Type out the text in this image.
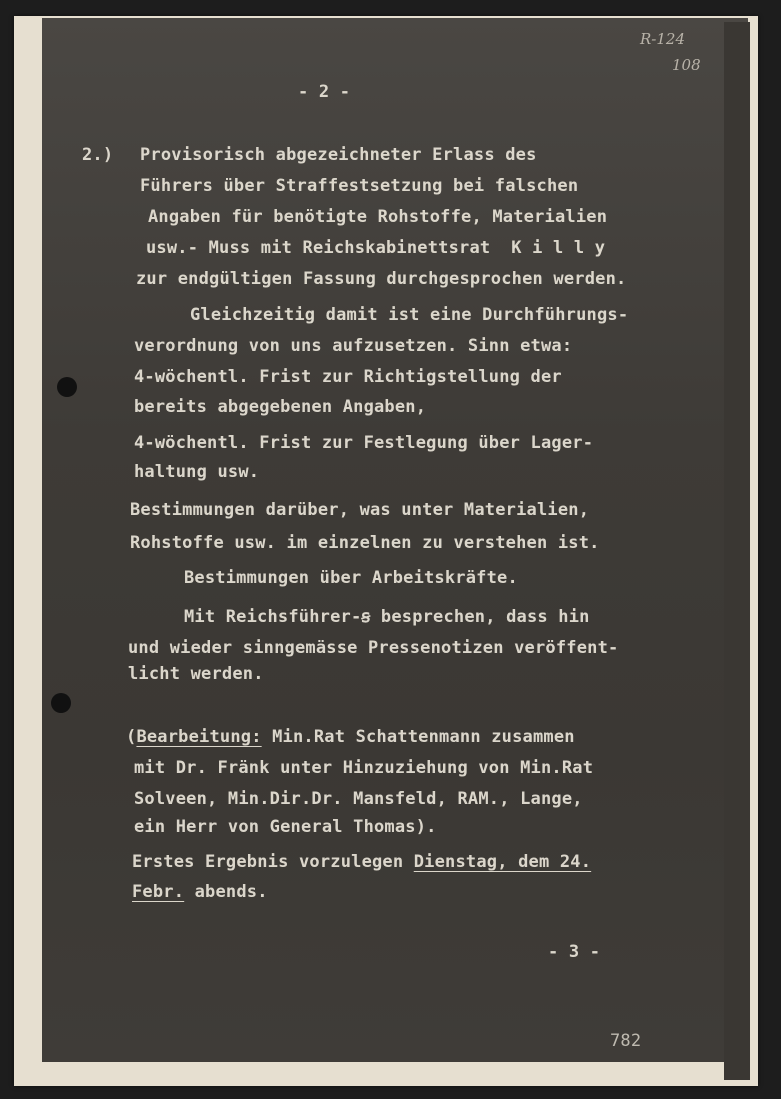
R-124
108
- 2 -
2.) Provisorisch abgezeichneter Erlass des
Führers über Straffestsetzung bei falschen
Angaben für benötigte Rohstoffe, Materialien
usw.- Muss mit Reichskabinettsrat  K i l l y
zur endgültigen Fassung durchgesprochen werden.
Gleichzeitig damit ist eine Durchführungs-
verordnung von uns aufzusetzen. Sinn etwa:
4-wöchentl. Frist zur Richtigstellung der
bereits abgegebenen Angaben,
4-wöchentl. Frist zur Festlegung über Lager-
haltung usw.
Bestimmungen darüber, was unter Materialien,
Rohstoffe usw. im einzelnen zu verstehen ist.
Bestimmungen über Arbeitskräfte.
Mit Reichsführer-ꞩ besprechen, dass hin
und wieder sinngemässe Pressenotizen veröffent-
licht werden.
(Bearbeitung: Min.Rat Schattenmann zusammen
mit Dr. Fränk unter Hinzuziehung von Min.Rat
Solveen, Min.Dir.Dr. Mansfeld, RAM., Lange,
ein Herr von General Thomas).
Erstes Ergebnis vorzulegen Dienstag, dem 24.
Febr. abends.
- 3 -
782
